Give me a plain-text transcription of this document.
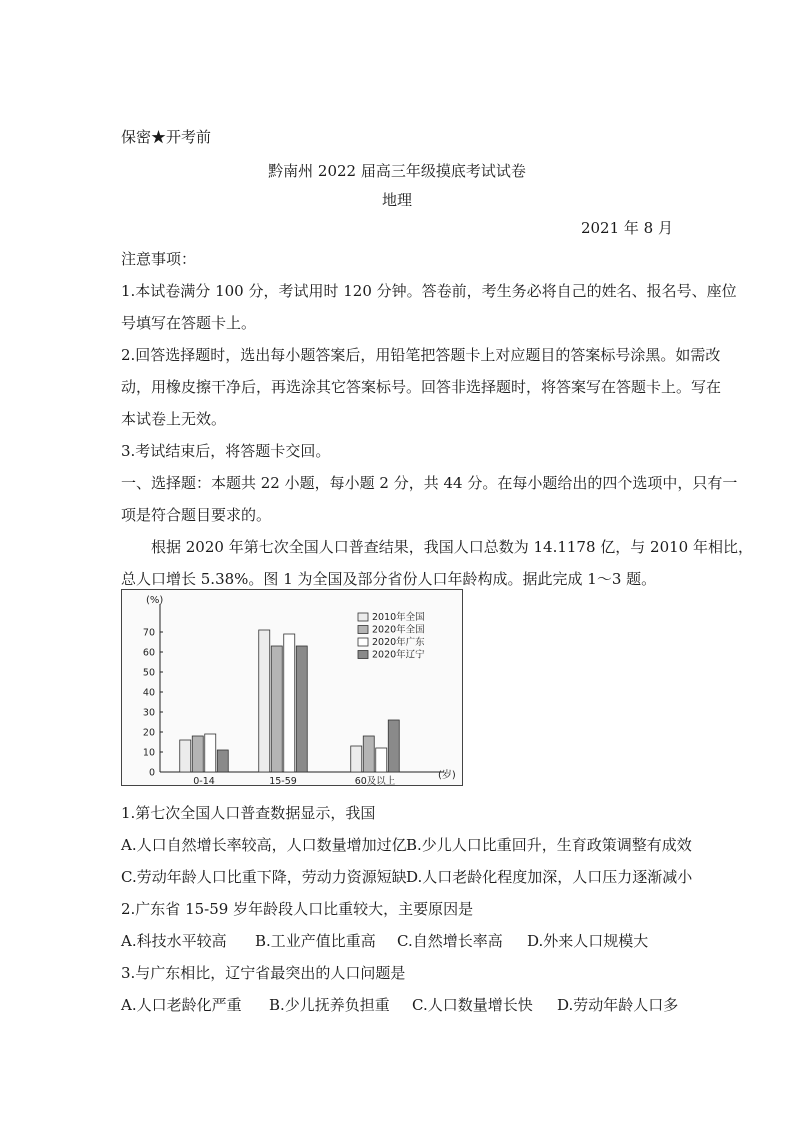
保密★开考前
黔南州 2022 届高三年级摸底考试试卷
地理
2021 年 8 月
注意事项：
1.本试卷满分 100 分，考试用时 120 分钟。答卷前，考生务必将自己的姓名、报名号、座位
号填写在答题卡上。
2.回答选择题时，选出每小题答案后，用铅笔把答题卡上对应题目的答案标号涂黑。如需改
动，用橡皮擦干净后，再选涂其它答案标号。回答非选择题时，将答案写在答题卡上。写在
本试卷上无效。
3.考试结束后，将答题卡交回。
一、选择题：本题共 22 小题，每小题 2 分，共 44 分。在每小题给出的四个选项中，只有一
项是符合题目要求的。
根据 2020 年第七次全国人口普查结果，我国人口总数为 14.1178 亿，与 2010 年相比，
总人口增长 5.38%。图 1 为全国及部分省份人口年龄构成。据此完成 1～3 题。
(%)
(岁)
0
10
20
30
40
50
60
70
0-14	15-59	60及以上
2010年全国
2020年全国
2020年广东
2020年辽宁
1.第七次全国人口普查数据显示，我国
A.人口自然增长率较高，人口数量增加过亿 B.少儿人口比重回升，生育政策调整有成效
C.劳动年龄人口比重下降，劳动力资源短缺 D.人口老龄化程度加深，人口压力逐渐减小
2.广东省 15-59 岁年龄段人口比重较大，主要原因是
A.科技水平较高 B.工业产值比重高 C.自然增长率高 D.外来人口规模大
3.与广东相比，辽宁省最突出的人口问题是
A.人口老龄化严重 B.少儿抚养负担重 C.人口数量增长快 D.劳动年龄人口多
